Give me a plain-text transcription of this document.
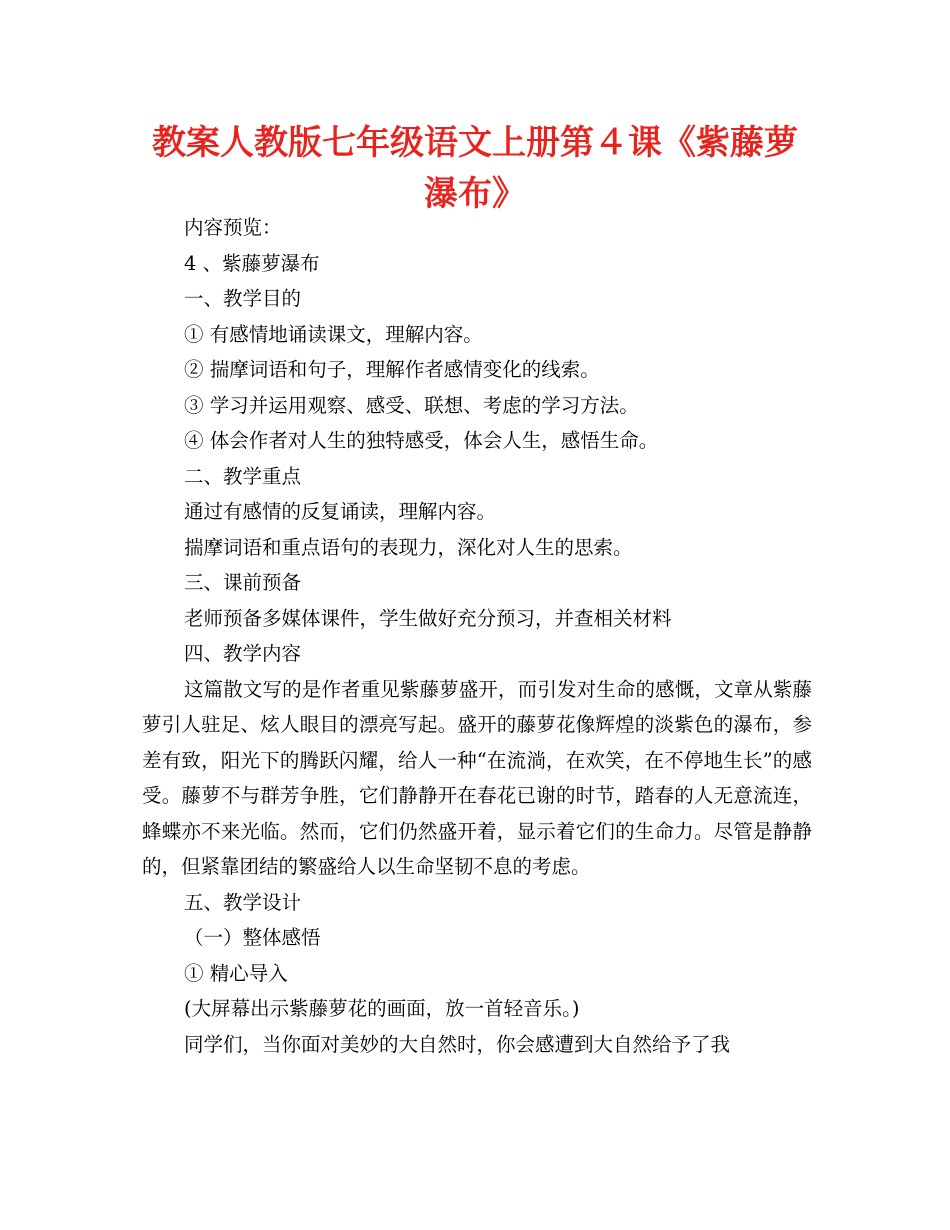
教案人教版七年级语文上册第４课《紫藤萝瀑布》

内容预览：

4 、紫藤萝瀑布

一、教学目的

① 有感情地诵读课文，理解内容。

② 揣摩词语和句子，理解作者感情变化的线索。

③ 学习并运用观察、感受、联想、考虑的学习方法。

④ 体会作者对人生的独特感受，体会人生，感悟生命。

二、教学重点

通过有感情的反复诵读，理解内容。

揣摩词语和重点语句的表现力，深化对人生的思索。

三、课前预备

老师预备多媒体课件，学生做好充分预习，并查相关材料

四、教学内容

这篇散文写的是作者重见紫藤萝盛开，而引发对生命的感慨，文章从紫藤萝引人驻足、炫人眼目的漂亮写起。盛开的藤萝花像辉煌的淡紫色的瀑布，参差有致，阳光下的腾跃闪耀，给人一种“在流淌，在欢笑，在不停地生长”的感受。藤萝不与群芳争胜，它们静静开在春花已谢的时节，踏春的人无意流连，蜂蝶亦不来光临。然而，它们仍然盛开着，显示着它们的生命力。尽管是静静的，但紧靠团结的繁盛给人以生命坚韧不息的考虑。

五、教学设计

（一）整体感悟

① 精心导入

(大屏幕出示紫藤萝花的画面，放一首轻音乐。)

同学们，当你面对美妙的大自然时，你会感遭到大自然给予了我
